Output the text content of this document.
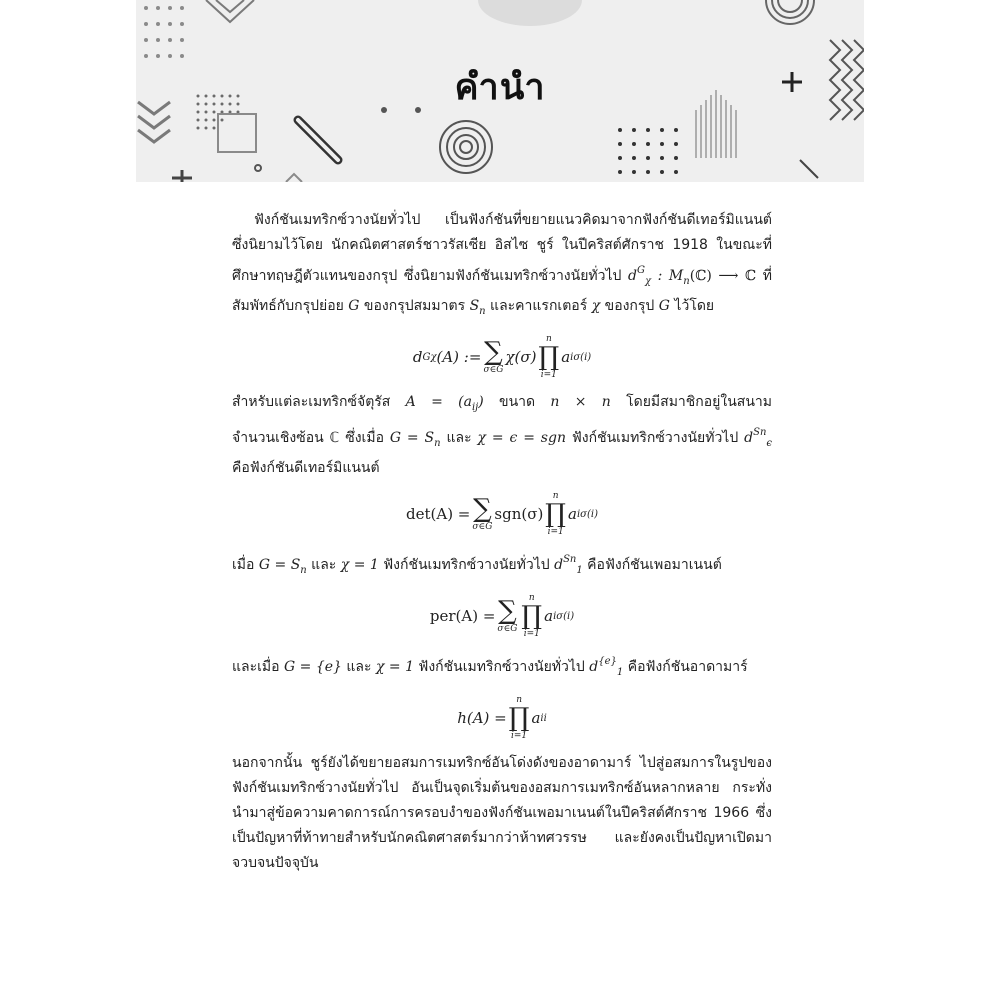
คำนำ

ฟังก์ชันเมทริกซ์วางนัยทั่วไป เป็นฟังก์ชันที่ขยายแนวคิดมาจากฟังก์ชันดีเทอร์มิแนนต์ ซึ่งนิยามไว้โดย นักคณิตศาสตร์ชาวรัสเซีย อิสไซ ชูร์ ในปีคริสต์ศักราช 1918 ในขณะที่ศึกษาทฤษฎีตัวแทนของกรุป ซึ่งนิยามฟังก์ชันเมทริกซ์วางนัยทั่วไป $d^G_\chi$ : $M_n(ℂ)$ ⟶ ℂ ที่สัมพัทธ์กับกรุปย่อย G ของกรุปสมมาตร $S_n$ และคาแรกเตอร์ χ ของกรุป G ไว้โดย

d G χ (A) := ∑
σ∈G
χ(σ)
n
∏
i=1
a iσ(i)

สำหรับแต่ละเมทริกซ์จัตุรัส $A = (a_{ij})$ ขนาด n × n โดยมีสมาชิกอยู่ในสนามจำนวนเชิงซ้อน ℂ ซึ่งเมื่อ $G = S_n$ และ χ = ϵ = sgn ฟังก์ชันเมทริกซ์วางนัยทั่วไป $d^{Sn}_\epsilon$ คือฟังก์ชันดีเทอร์มิแนนต์

det(A) = ∑
σ∈G
sgn(σ)
n
∏
i=1
a iσ(i)

เมื่อ $G = S_n$ และ χ = 1 ฟังก์ชันเมทริกซ์วางนัยทั่วไป $d^{Sn}_1$ คือฟังก์ชันเพอมาเนนต์

per(A) = ∑
σ∈G
n
∏
i=1
a iσ(i)

และเมื่อ G = {e} และ χ = 1 ฟังก์ชันเมทริกซ์วางนัยทั่วไป $d^{\{e\}}_1$ คือฟังก์ชันอาดามาร์

h(A) =
n
∏
i=1
a ii

นอกจากนั้น ชูร์ยังได้ขยายอสมการเมทริกซ์อันโด่งดังของอาดามาร์ ไปสู่อสมการในรูปของฟังก์ชันเมทริกซ์วางนัยทั่วไป อันเป็นจุดเริ่มต้นของอสมการเมทริกซ์อันหลากหลาย กระทั่งนำมาสู่ข้อความคาดการณ์การครอบงำของฟังก์ชันเพอมาเนนต์ในปีคริสต์ศักราช 1966 ซึ่งเป็นปัญหาที่ท้าทายสำหรับนักคณิตศาสตร์มากว่าห้าทศวรรษ และยังคงเป็นปัญหาเปิดมาจวบจนปัจจุบัน
